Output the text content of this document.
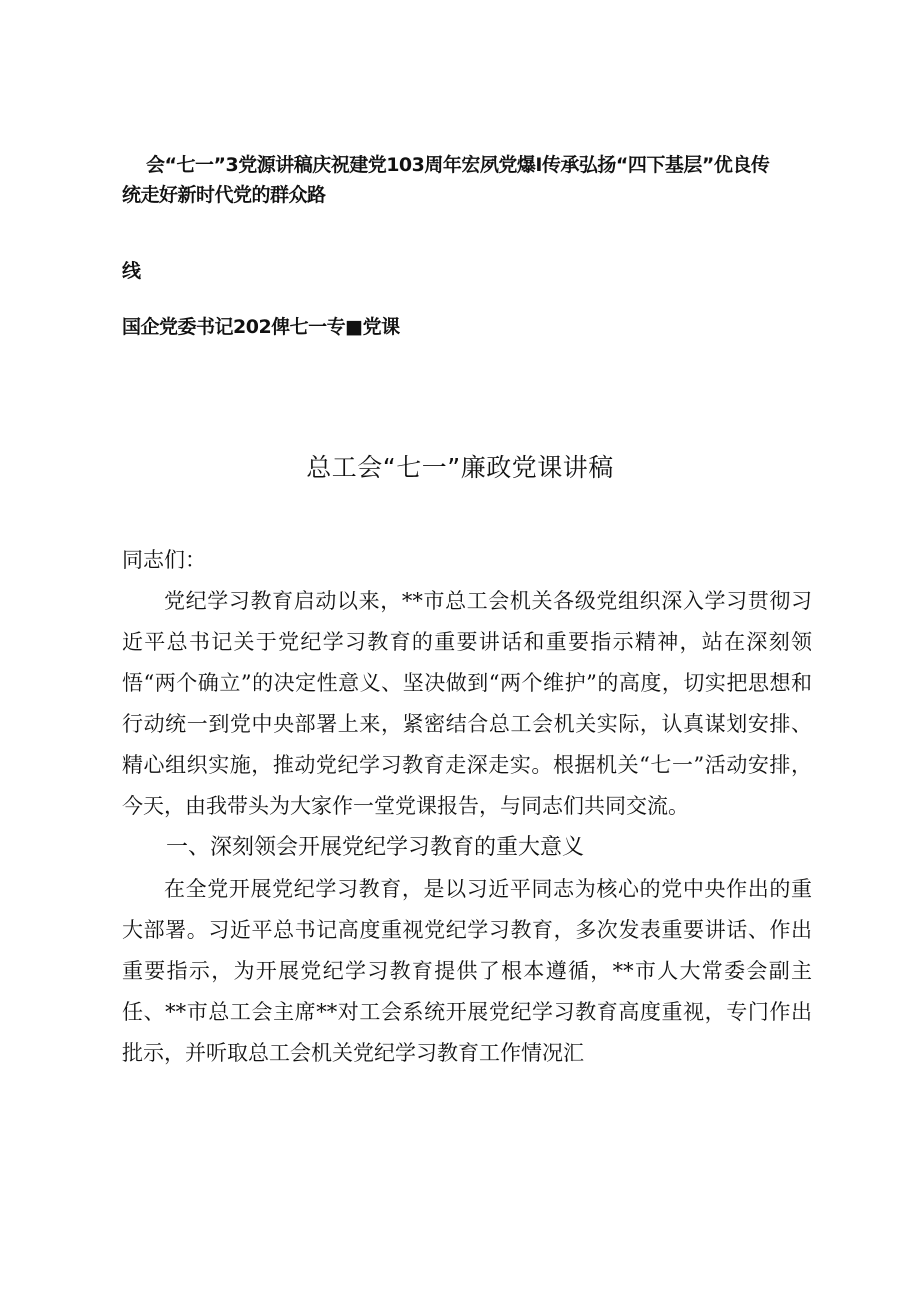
会“七一”3党源讲稿庆祝建党103周年宏夙党爆I传承弘扬“四下基层”优良传
统走好新时代党的群众路
线
国企党委书记202俾七一专■党课
总工会“七一”廉政党课讲稿

同志们：

党纪学习教育启动以来，**市总工会机关各级党组织深入学习贯彻习近平总书记关于党纪学习教育的重要讲话和重要指示精神，站在深刻领悟“两个确立”的决定性意义、坚决做到“两个维护”的高度，切实把思想和行动统一到党中央部署上来，紧密结合总工会机关实际，认真谋划安排、精心组织实施，推动党纪学习教育走深走实。根据机关“七一”活动安排，今天，由我带头为大家作一堂党课报告，与同志们共同交流。

一、深刻领会开展党纪学习教育的重大意义

在全党开展党纪学习教育，是以习近平同志为核心的党中央作出的重大部署。习近平总书记高度重视党纪学习教育，多次发表重要讲话、作出重要指示，为开展党纪学习教育提供了根本遵循，**市人大常委会副主任、**市总工会主席**对工会系统开展党纪学习教育高度重视，专门作出批示，并听取总工会机关党纪学习教育工作情况汇
